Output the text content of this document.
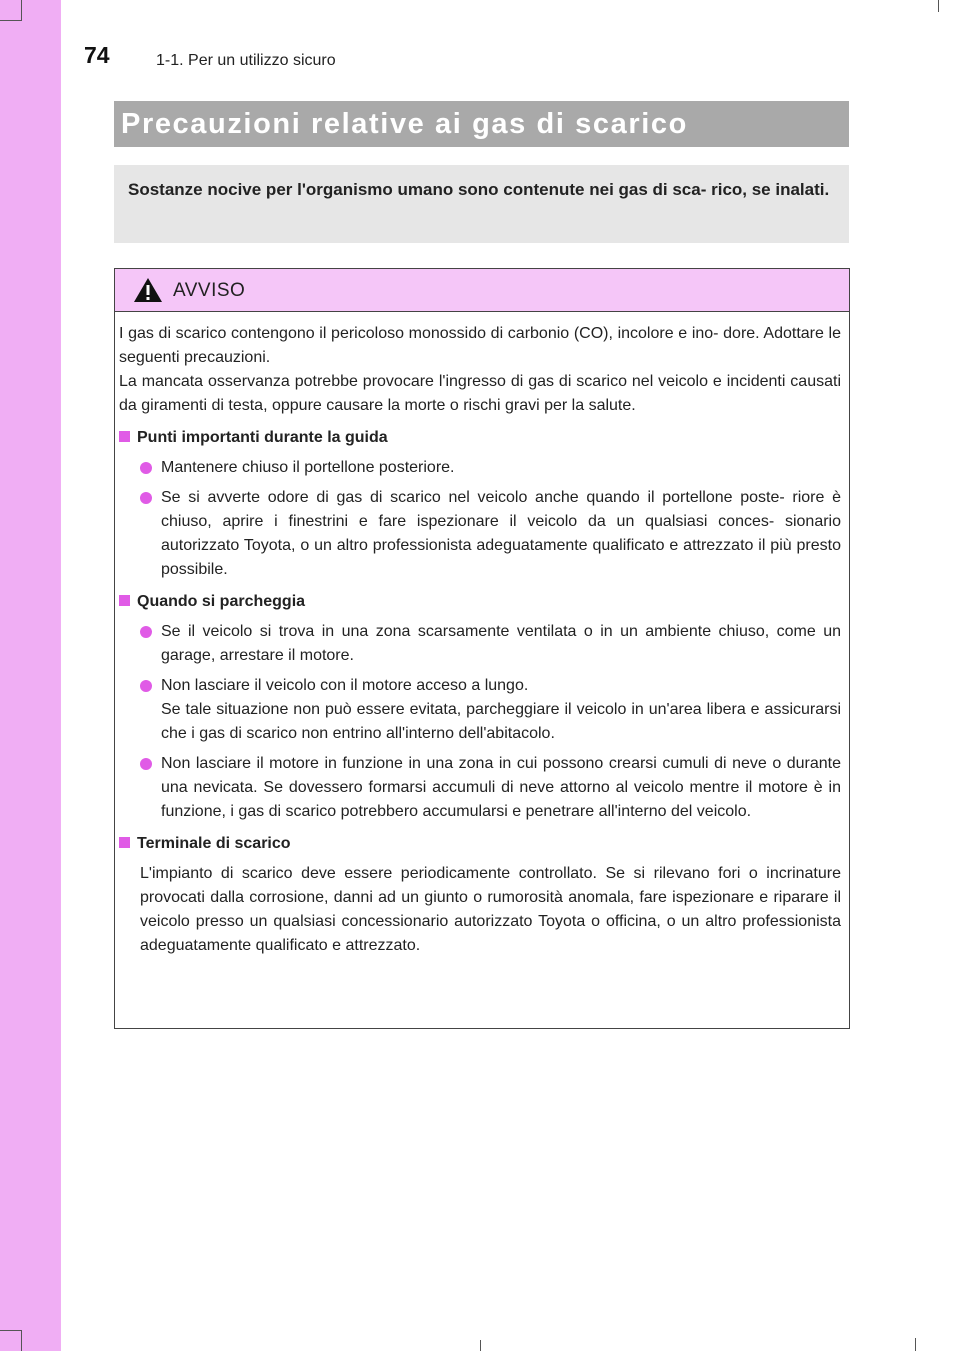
74	1-1. Per un utilizzo sicuro
Precauzioni relative ai gas di scarico
Sostanze nocive per l'organismo umano sono contenute nei gas di sca- rico, se inalati.
AVVISO

I gas di scarico contengono il pericoloso monossido di carbonio (CO), incolore e ino- dore. Adottare le seguenti precauzioni.

La mancata osservanza potrebbe provocare l'ingresso di gas di scarico nel veicolo e incidenti causati da giramenti di testa, oppure causare la morte o rischi gravi per la salute.

Punti importanti durante la guida
Mantenere chiuso il portellone posteriore.
Se si avverte odore di gas di scarico nel veicolo anche quando il portellone poste- riore è chiuso, aprire i finestrini e fare ispezionare il veicolo da un qualsiasi conces- sionario autorizzato Toyota, o un altro professionista adeguatamente qualificato e attrezzato il più presto possibile.
Quando si parcheggia
Se il veicolo si trova in una zona scarsamente ventilata o in un ambiente chiuso, come un garage, arrestare il motore.
Non lasciare il veicolo con il motore acceso a lungo.
Se tale situazione non può essere evitata, parcheggiare il veicolo in un'area libera e assicurarsi che i gas di scarico non entrino all'interno dell'abitacolo.
Non lasciare il motore in funzione in una zona in cui possono crearsi cumuli di neve o durante una nevicata. Se dovessero formarsi accumuli di neve attorno al veicolo mentre il motore è in funzione, i gas di scarico potrebbero accumularsi e penetrare all'interno del veicolo.
Terminale di scarico
L'impianto di scarico deve essere periodicamente controllato. Se si rilevano fori o incrinature provocati dalla corrosione, danni ad un giunto o rumorosità anomala, fare ispezionare e riparare il veicolo presso un qualsiasi concessionario autorizzato Toyota o officina, o un altro professionista adeguatamente qualificato e attrezzato.
